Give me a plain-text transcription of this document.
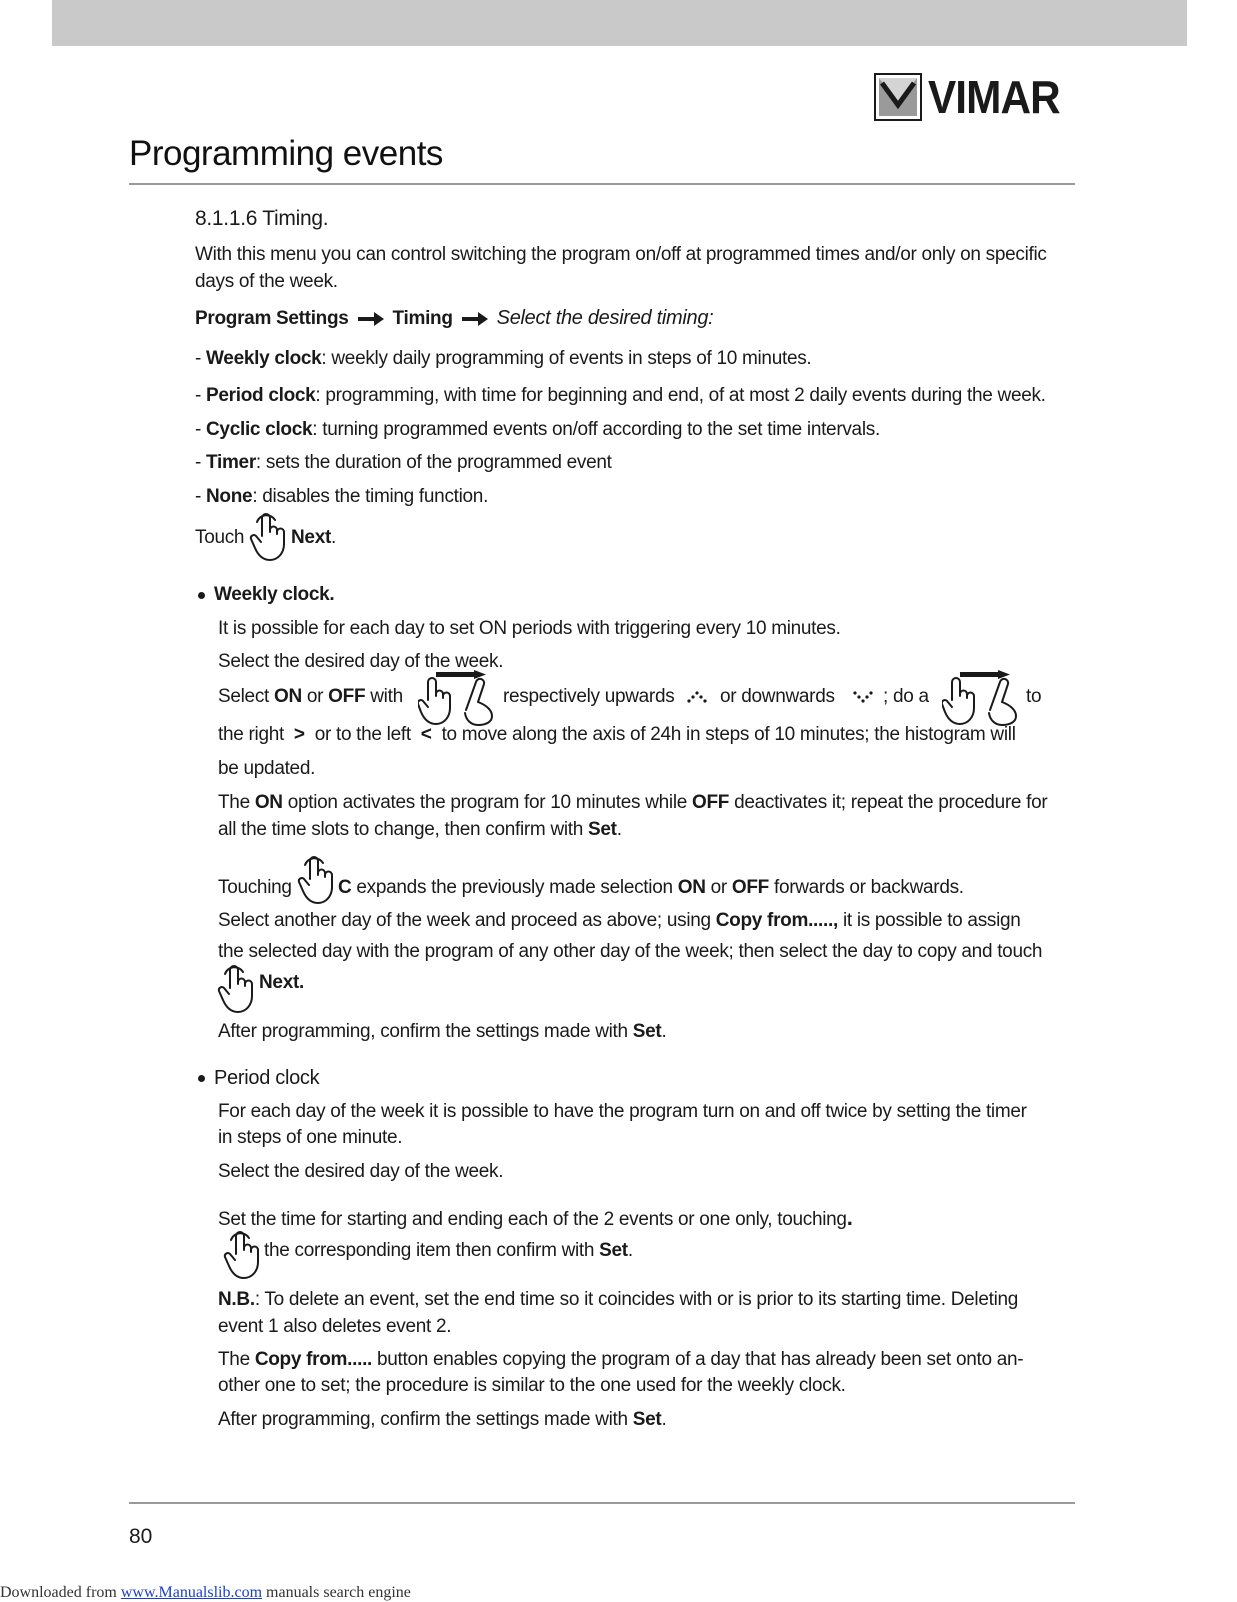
VIMAR
Programming events
8.1.1.6 Timing.
With this menu you can control switching the program on/off at programmed times and/or only on specific
days of the week.
Program Settings Timing Select the desired timing:
- Weekly clock: weekly daily programming of events in steps of 10 minutes.
- Period clock: programming, with time for beginning and end, of at most 2 daily events during the week.
- Cyclic clock: turning programmed events on/off according to the set time intervals.
- Timer: sets the duration of the programmed event
- None: disables the timing function.
Touch Next.
Weekly clock.
It is possible for each day to set ON periods with triggering every 10 minutes.
Select the desired day of the week.
Select ON or OFF with	respectively upwards or downwards	; do a	to
the right > or to the left < to move along the axis of 24h in steps of 10 minutes; the histogram will
be updated.
The ON option activates the program for 10 minutes while OFF deactivates it; repeat the procedure for
all the time slots to change, then confirm with Set.
Touching C expands the previously made selection ON or OFF forwards or backwards.
Select another day of the week and proceed as above; using Copy from....., it is possible to assign
the selected day with the program of any other day of the week; then select the day to copy and touch
Next.
After programming, confirm the settings made with Set.
Period clock
For each day of the week it is possible to have the program turn on and off twice by setting the timer
in steps of one minute.
Select the desired day of the week.
Set the time for starting and ending each of the 2 events or one only, touching.
the corresponding item then confirm with Set.
N.B.: To delete an event, set the end time so it coincides with or is prior to its starting time. Deleting
event 1 also deletes event 2.
The Copy from..... button enables copying the program of a day that has already been set onto an-
other one to set; the procedure is similar to the one used for the weekly clock.
After programming, confirm the settings made with Set.
80
Downloaded from www.Manualslib.com manuals search engine
